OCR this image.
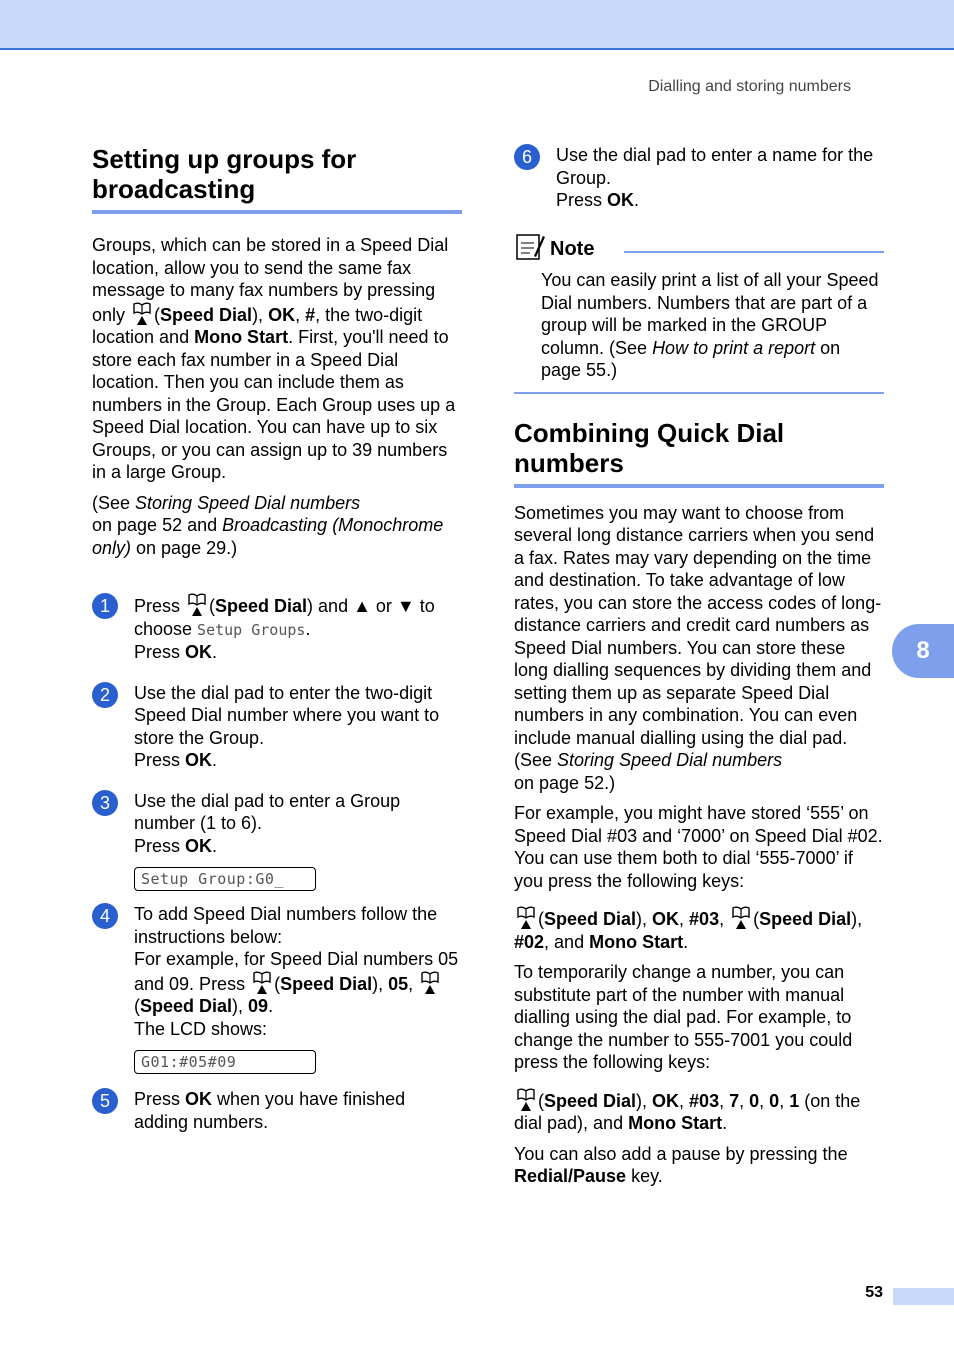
Dialling and storing numbers
Setting up groups for broadcasting

Groups, which can be stored in a Speed Dial location, allow you to send the same fax message to many fax numbers by pressing only
(Speed Dial), OK, #, the two-digit location and Mono Start. First, you'll need to store each fax number in a Speed Dial location. Then you can include them as numbers in the Group. Each Group uses up a Speed Dial location. You can have up to six Groups, or you can assign up to 39 numbers in a large Group.

(See Storing Speed Dial numbers
on page 52 and Broadcasting (Monochrome only) on page 29.)

1	Press
(Speed Dial) and ▲ or ▼ to choose Setup Groups.

Press OK.

2	Use the dial pad to enter the two-digit Speed Dial number where you want to store the Group.

Press OK.

3	Use the dial pad to enter a Group number (1 to 6).

Press OK.

Setup Group:G0_
4	To add Speed Dial numbers follow the instructions below:

For example, for Speed Dial numbers 05 and 09. Press
(Speed Dial), 05,
(Speed Dial), 09.

The LCD shows:

G01:#05#09
5	Press OK when you have finished adding numbers.

6	Use the dial pad to enter a name for the Group.

Press OK.

Note

You can easily print a list of all your Speed Dial numbers. Numbers that are part of a group will be marked in the GROUP column. (See How to print a report on page 55.)

Combining Quick Dial numbers

Sometimes you may want to choose from several long distance carriers when you send a fax. Rates may vary depending on the time and destination. To take advantage of low rates, you can store the access codes of long-distance carriers and credit card numbers as Speed Dial numbers. You can store these long dialling sequences by dividing them and setting them up as separate Speed Dial numbers in any combination. You can even include manual dialling using the dial pad. (See Storing Speed Dial numbers
on page 52.)

For example, you might have stored ‘555’ on Speed Dial #03 and ‘7000’ on Speed Dial #02. You can use them both to dial ‘555-7000’ if you press the following keys:

(Speed Dial), OK, #03,
(Speed Dial), #02, and Mono Start.

To temporarily change a number, you can substitute part of the number with manual dialling using the dial pad. For example, to change the number to 555-7001 you could press the following keys:

(Speed Dial), OK, #03, 7, 0, 0, 1 (on the dial pad), and Mono Start.

You can also add a pause by pressing the Redial/Pause key.

8
53
